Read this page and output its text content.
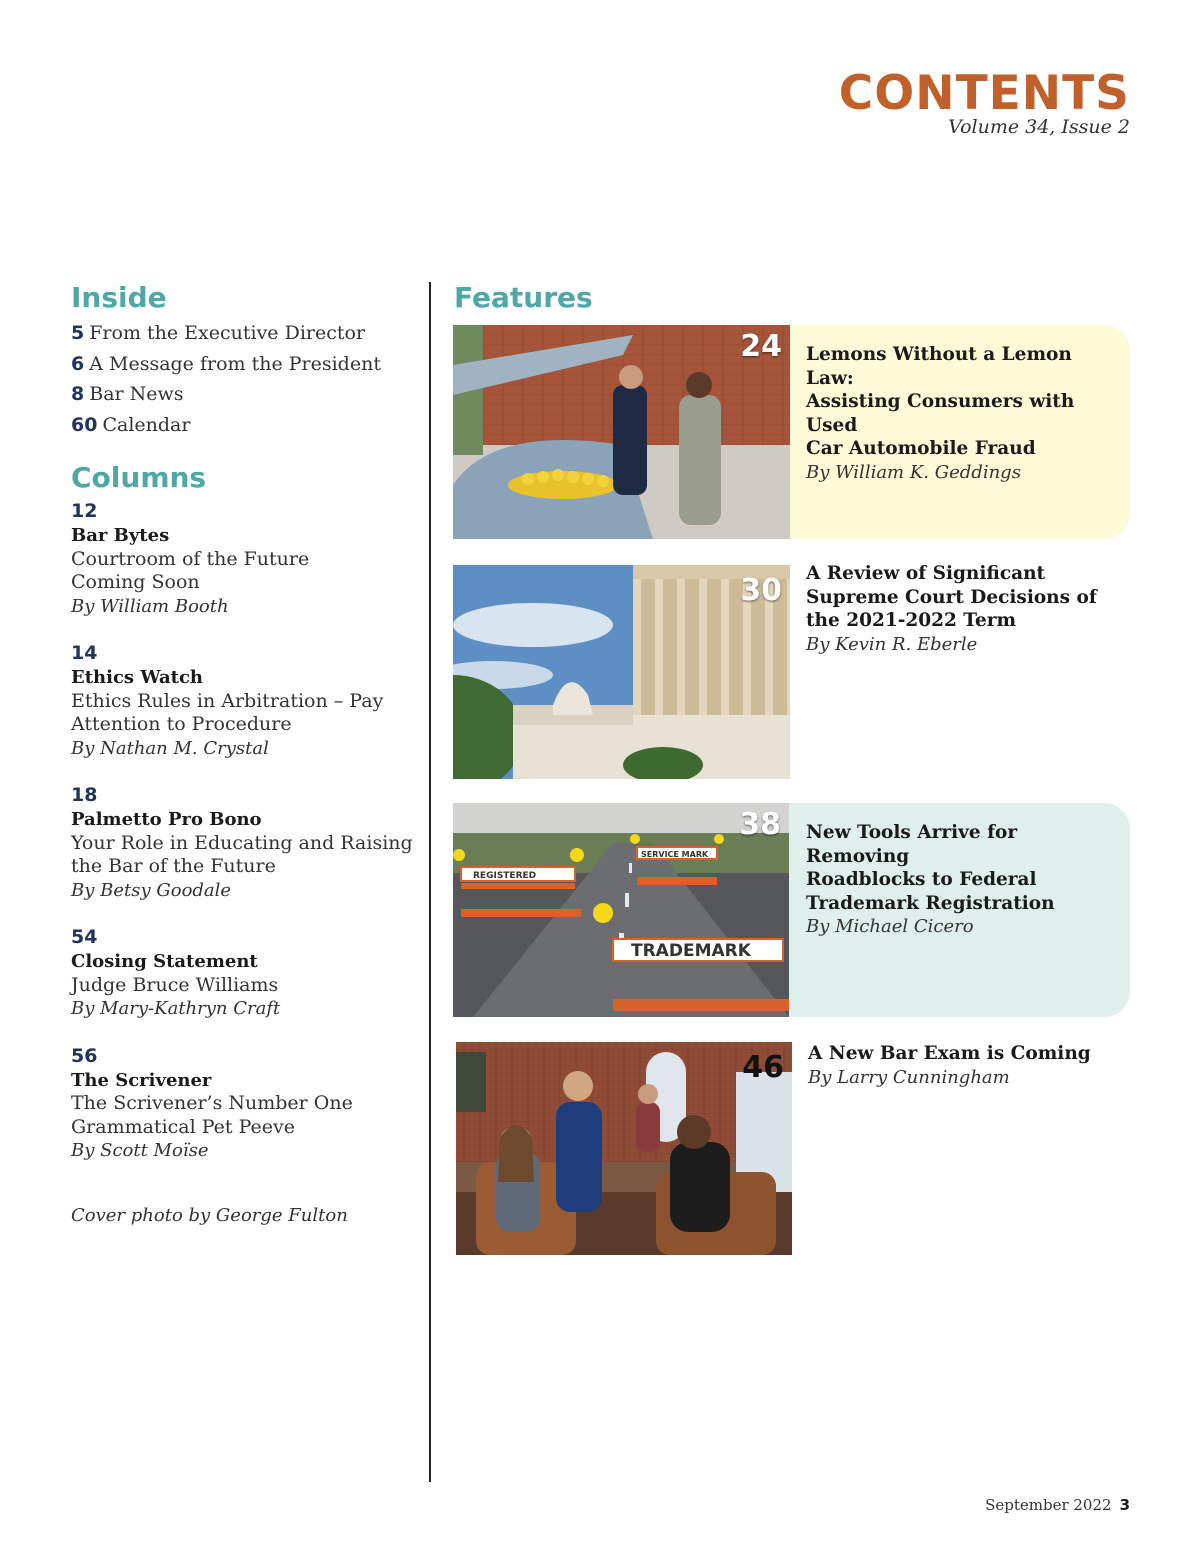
CONTENTS
Volume 34, Issue 2
Inside
5 From the Executive Director
6 A Message from the President
8 Bar News
60 Calendar
Columns
12
Bar Bytes
Courtroom of the Future
Coming Soon
By William Booth
14
Ethics Watch
Ethics Rules in Arbitration – Pay
Attention to Procedure
By Nathan M. Crystal
18
Palmetto Pro Bono
Your Role in Educating and Raising
the Bar of the Future
By Betsy Goodale
54
Closing Statement
Judge Bruce Williams
By Mary-Kathryn Craft
56
The Scrivener
The Scrivener’s Number One
Grammatical Pet Peeve
By Scott Moïse
Cover photo by George Fulton
Features
24 Lemons Without a Lemon Law:
Assisting Consumers with Used
Car Automobile Fraud
By William K. Geddings
30 A Review of Significant
Supreme Court Decisions of
the 2021-2022 Term
By Kevin R. Eberle
REGISTERED
SERVICE MARK
TRADEMARK
38 New Tools Arrive for Removing
Roadblocks to Federal
Trademark Registration
By Michael Cicero
46 A New Bar Exam is Coming
By Larry Cunningham
September 2022 3
